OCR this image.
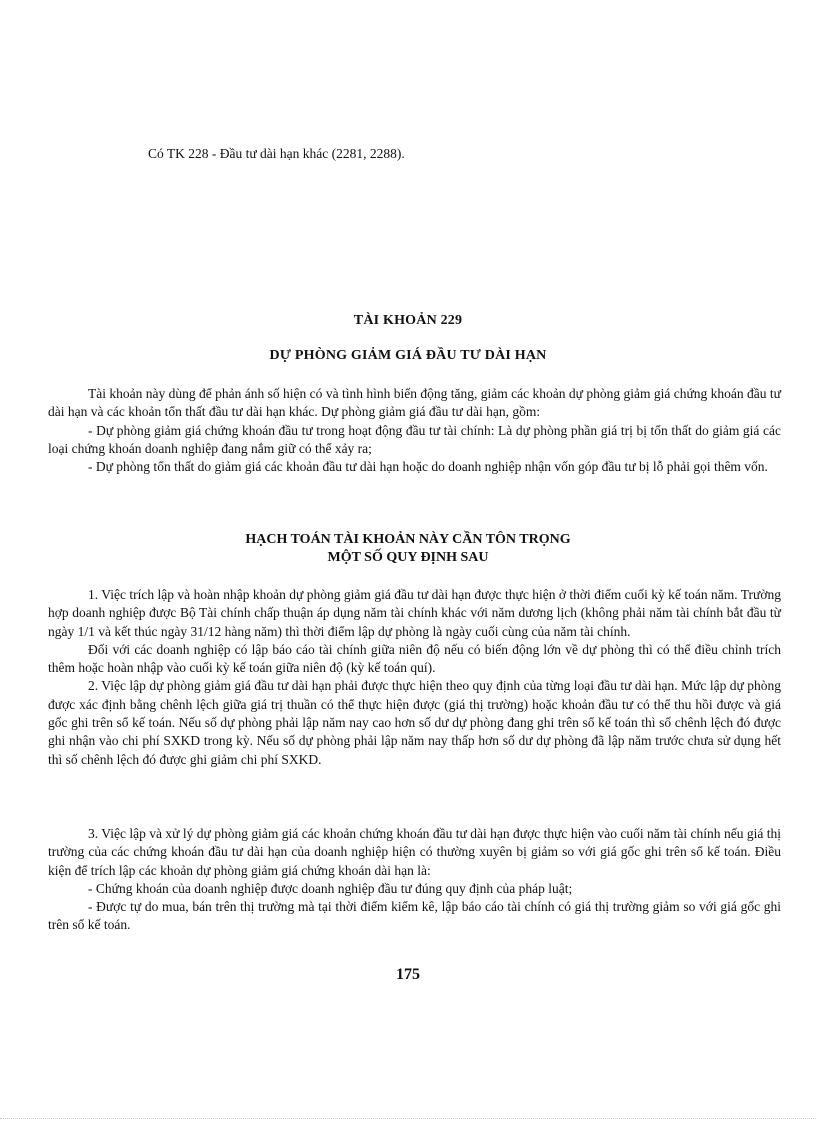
Có TK 228 - Đầu tư dài hạn khác (2281, 2288).
TÀI KHOẢN 229
DỰ PHÒNG GIẢM GIÁ ĐẦU TƯ DÀI HẠN

Tài khoản này dùng để phản ánh số hiện có và tình hình biến động tăng, giảm các khoản dự phòng giảm giá chứng khoán đầu tư dài hạn và các khoản tổn thất đầu tư dài hạn khác. Dự phòng giảm giá đầu tư dài hạn, gồm:

- Dự phòng giảm giá chứng khoán đầu tư trong hoạt động đầu tư tài chính: Là dự phòng phần giá trị bị tổn thất do giảm giá các loại chứng khoán doanh nghiệp đang nắm giữ có thể xảy ra;

- Dự phòng tổn thất do giảm giá các khoản đầu tư dài hạn hoặc do doanh nghiệp nhận vốn góp đầu tư bị lỗ phải gọi thêm vốn.

HẠCH TOÁN TÀI KHOẢN NÀY CẦN TÔN TRỌNG
MỘT SỐ QUY ĐỊNH SAU

1. Việc trích lập và hoàn nhập khoản dự phòng giảm giá đầu tư dài hạn được thực hiện ở thời điểm cuối kỳ kế toán năm. Trường hợp doanh nghiệp được Bộ Tài chính chấp thuận áp dụng năm tài chính khác với năm dương lịch (không phải năm tài chính bắt đầu từ ngày 1/1 và kết thúc ngày 31/12 hàng năm) thì thời điểm lập dự phòng là ngày cuối cùng của năm tài chính.

Đối với các doanh nghiệp có lập báo cáo tài chính giữa niên độ nếu có biến động lớn về dự phòng thì có thể điều chỉnh trích thêm hoặc hoàn nhập vào cuối kỳ kế toán giữa niên độ (kỳ kế toán quí).

2. Việc lập dự phòng giảm giá đầu tư dài hạn phải được thực hiện theo quy định của từng loại đầu tư dài hạn. Mức lập dự phòng được xác định bằng chênh lệch giữa giá trị thuần có thể thực hiện được (giá thị trường) hoặc khoản đầu tư có thể thu hồi được và giá gốc ghi trên sổ kế toán. Nếu số dự phòng phải lập năm nay cao hơn số dư dự phòng đang ghi trên sổ kế toán thì số chênh lệch đó được ghi nhận vào chi phí SXKD trong kỳ. Nếu số dự phòng phải lập năm nay thấp hơn số dư dự phòng đã lập năm trước chưa sử dụng hết thì số chênh lệch đó được ghi giảm chi phí SXKD.

3. Việc lập và xử lý dự phòng giảm giá các khoản chứng khoán đầu tư dài hạn được thực hiện vào cuối năm tài chính nếu giá thị trường của các chứng khoán đầu tư dài hạn của doanh nghiệp hiện có thường xuyên bị giảm so với giá gốc ghi trên sổ kế toán. Điều kiện để trích lập các khoản dự phòng giảm giá chứng khoán dài hạn là:

- Chứng khoán của doanh nghiệp được doanh nghiệp đầu tư đúng quy định của pháp luật;

- Được tự do mua, bán trên thị trường mà tại thời điểm kiểm kê, lập báo cáo tài chính có giá thị trường giảm so với giá gốc ghi trên sổ kế toán.

175
